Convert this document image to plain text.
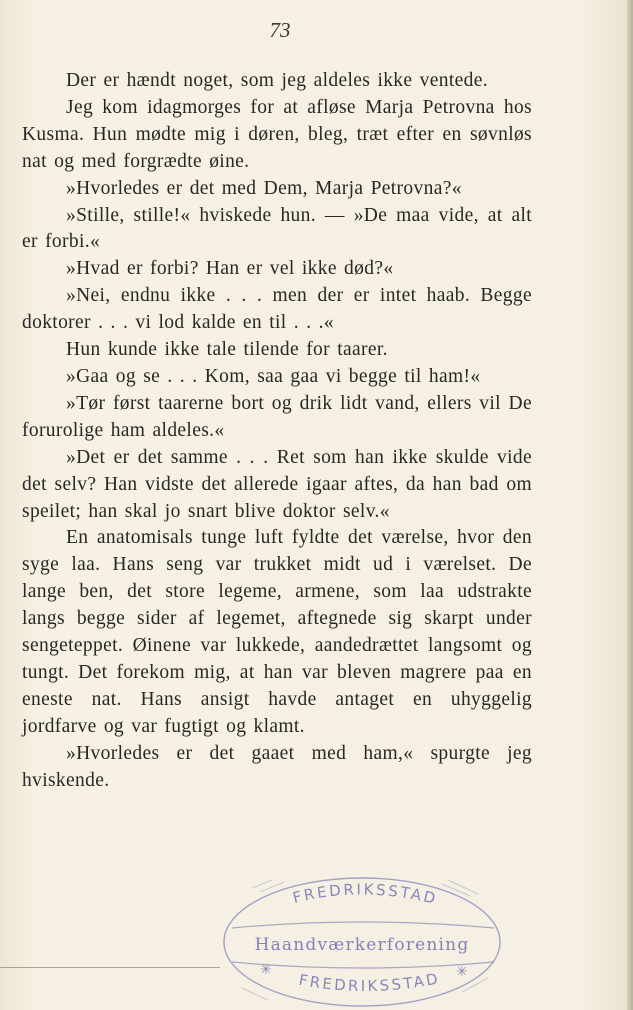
73

Der er hændt noget, som jeg aldeles ikke ventede.

Jeg kom idagmorges for at afløse Marja Petrovna hos Kusma. Hun mødte mig i døren, bleg, træt efter en søvnløs nat og med forgrædte øine.

»Hvorledes er det med Dem, Marja Petrovna?«

»Stille, stille!« hviskede hun. — »De maa vide, at alt er forbi.«

»Hvad er forbi? Han er vel ikke død?«

»Nei, endnu ikke . . . men der er intet haab. Begge doktorer . . . vi lod kalde en til . . .«

Hun kunde ikke tale tilende for taarer.

»Gaa og se . . . Kom, saa gaa vi begge til ham!«

»Tør først taarerne bort og drik lidt vand, ellers vil De forurolige ham aldeles.«

»Det er det samme . . . Ret som han ikke skulde vide det selv? Han vidste det allerede igaar aftes, da han bad om speilet; han skal jo snart blive doktor selv.«

En anatomisals tunge luft fyldte det værelse, hvor den syge laa. Hans seng var trukket midt ud i værelset. De lange ben, det store legeme, armene, som laa udstrakte langs begge sider af legemet, aftegnede sig skarpt under sengeteppet. Øinene var lukkede, aandedrættet langsomt og tungt. Det forekom mig, at han var bleven magrere paa en eneste nat. Hans ansigt havde antaget en uhyggelig jordfarve og var fugtigt og klamt.

»Hvorledes er det gaaet med ham,« spurgte jeg hviskende.

FREDRIKSSTAD
Haandværkerforening
FREDRIKSSTAD
✳	✳
